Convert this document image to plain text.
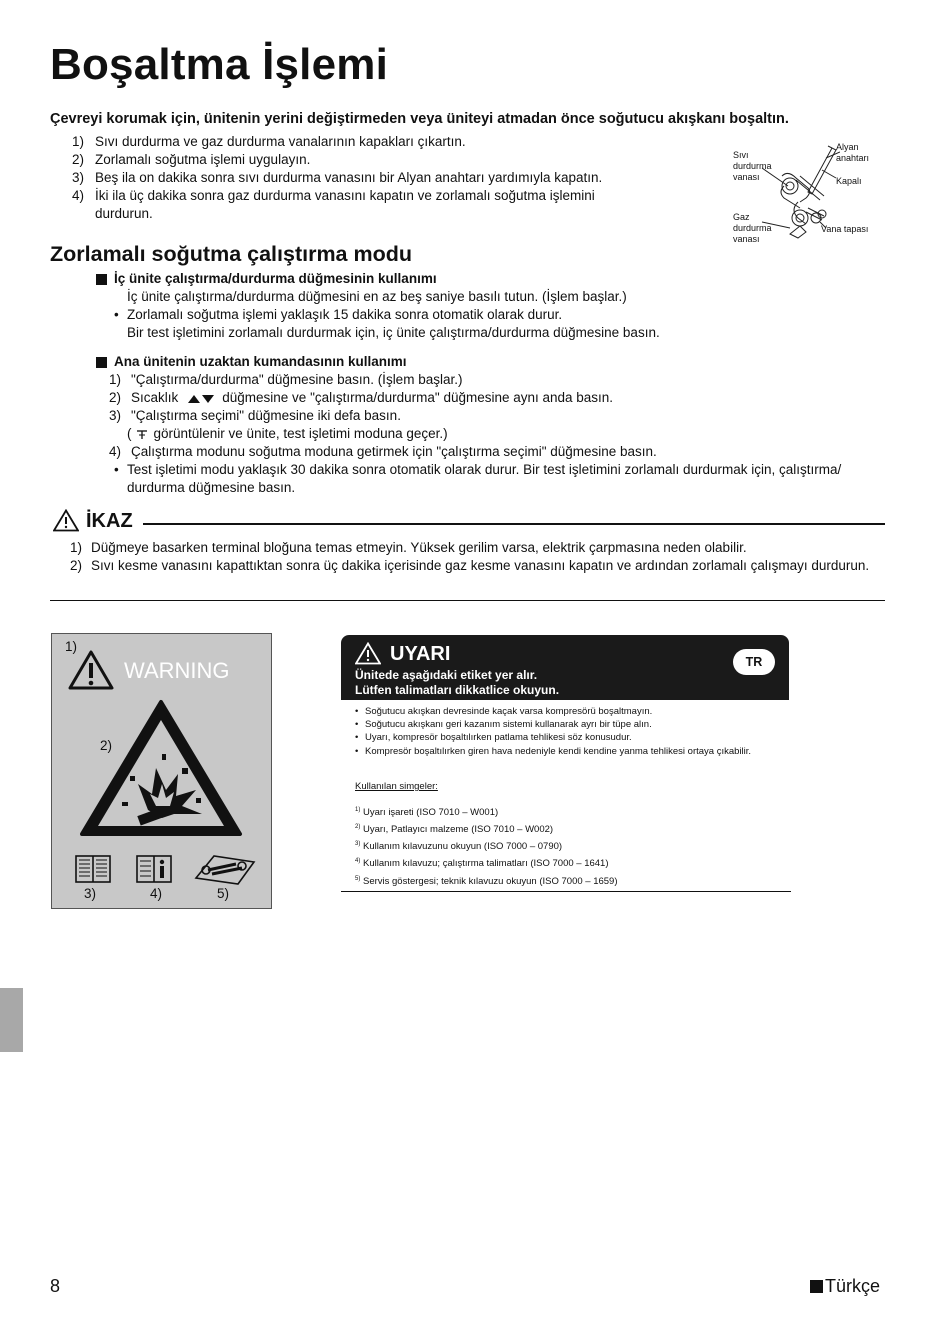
Boşaltma İşlemi
Çevreyi korumak için, ünitenin yerini değiştirmeden veya üniteyi atmadan önce soğutucu akışkanı boşaltın.
1) Sıvı durdurma ve gaz durdurma vanalarının kapakları çıkartın.
2) Zorlamalı soğutma işlemi uygulayın.
3) Beş ila on dakika sonra sıvı durdurma vanasını bir Alyan anahtarı yardımıyla kapatın.
4) İki ila üç dakika sonra gaz durdurma vanasını kapatın ve zorlamalı soğutma işlemini durdurun.
Sıvı durdurma vanası
Gaz durdurma vanası
Alyan anahtarı
Kapalı
Vana tapası
Zorlamalı soğutma çalıştırma modu
İç ünite çalıştırma/durdurma düğmesinin kullanımı
İç ünite çalıştırma/durdurma düğmesini en az beş saniye basılı tutun. (İşlem başlar.)
• Zorlamalı soğutma işlemi yaklaşık 15 dakika sonra otomatik olarak durur.
Bir test işletimini zorlamalı durdurmak için, iç ünite çalıştırma/durdurma düğmesine basın.
Ana ünitenin uzaktan kumandasının kullanımı
1) "Çalıştırma/durdurma" düğmesine basın. (İşlem başlar.)
2) Sıcaklık	düğmesine ve "çalıştırma/durdurma" düğmesine aynı anda basın.
3) "Çalıştırma seçimi" düğmesine iki defa basın.
( görüntülenir ve ünite, test işletimi moduna geçer.)
4) Çalıştırma modunu soğutma moduna getirmek için "çalıştırma seçimi" düğmesine basın.
• Test işletimi modu yaklaşık 30 dakika sonra otomatik olarak durur. Bir test işletimini zorlamalı durdurmak için, çalıştırma/ durdurma düğmesine basın.
İKAZ
1) Düğmeye basarken terminal bloğuna temas etmeyin. Yüksek gerilim varsa, elektrik çarpmasına neden olabilir.
2) Sıvı kesme vanasını kapattıktan sonra üç dakika içerisinde gaz kesme vanasını kapatın ve ardından zorlamalı çalışmayı durdurun.
1)
WARNING
2)
3)	4)	5)
UYARI
Ünitede aşağıdaki etiket yer alır.
Lütfen talimatları dikkatlice okuyun.
TR
• Soğutucu akışkan devresinde kaçak varsa kompresörü boşaltmayın.
• Soğutucu akışkanı geri kazanım sistemi kullanarak ayrı bir tüpe alın.
• Uyarı, kompresör boşaltılırken patlama tehlikesi söz konusudur.
• Kompresör boşaltılırken giren hava nedeniyle kendi kendine yanma tehlikesi ortaya çıkabilir.
Kullanılan simgeler:
$^{1)}$ Uyarı işareti (ISO 7010 – W001)
$^{2)}$ Uyarı, Patlayıcı malzeme (ISO 7010 – W002)
$^{3)}$ Kullanım kılavuzunu okuyun (ISO 7000 – 0790)
$^{4)}$ Kullanım kılavuzu; çalıştırma talimatları (ISO 7000 – 1641)
$^{5)}$ Servis göstergesi; teknik kılavuzu okuyun (ISO 7000 – 1659)
8	Türkçe
